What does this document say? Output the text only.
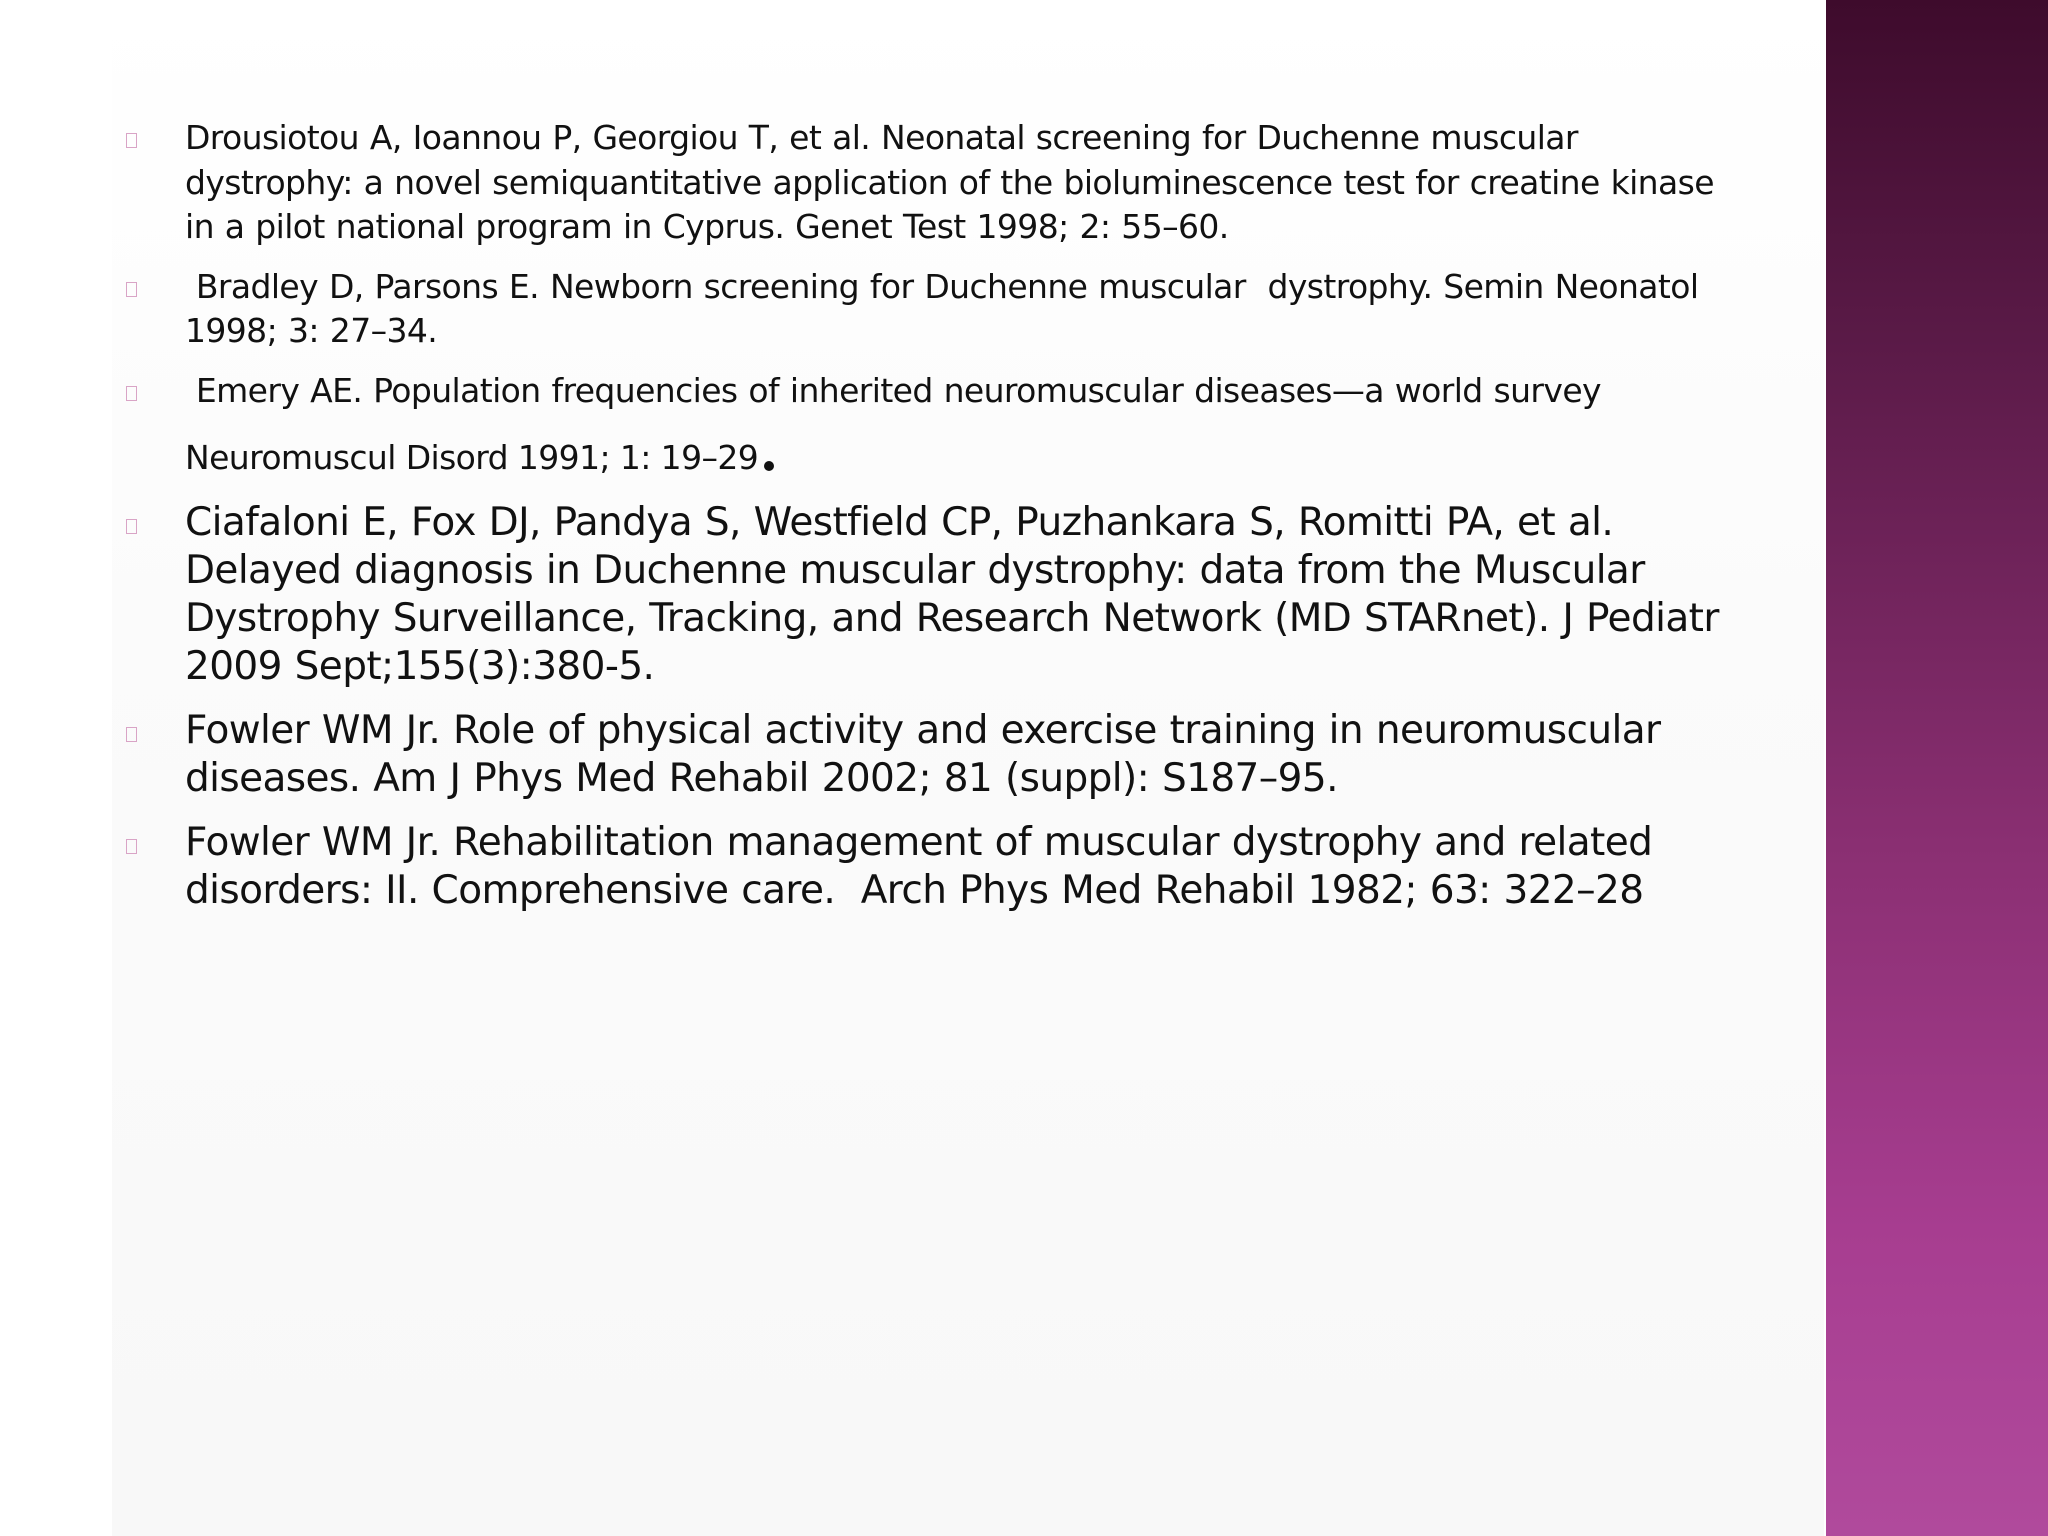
Drousiotou A, Ioannou P, Georgiou T, et al. Neonatal screening for Duchenne muscular dystrophy: a novel semiquantitative application of the bioluminescence test for creatine kinase in a pilot national program in Cyprus. Genet Test 1998; 2: 55–60.
Bradley D, Parsons E. Newborn screening for Duchenne muscular  dystrophy. Semin Neonatol 1998; 3: 27–34.
Emery AE. Population frequencies of inherited neuromuscular diseases—a world survey
Neuromuscul Disord 1991; 1: 19–29
Ciafaloni E, Fox DJ, Pandya S, Westfield CP, Puzhankara S, Romitti PA, et al. Delayed diagnosis in Duchenne muscular dystrophy: data from the Muscular Dystrophy Surveillance, Tracking, and Research Network (MD STARnet). J Pediatr 2009 Sept;155(3):380-5.
Fowler WM Jr. Role of physical activity and exercise training in neuromuscular diseases. Am J Phys Med Rehabil 2002; 81 (suppl): S187–95.
Fowler WM Jr. Rehabilitation management of muscular dystrophy and related disorders: II. Comprehensive care.  Arch Phys Med Rehabil 1982; 63: 322–28
